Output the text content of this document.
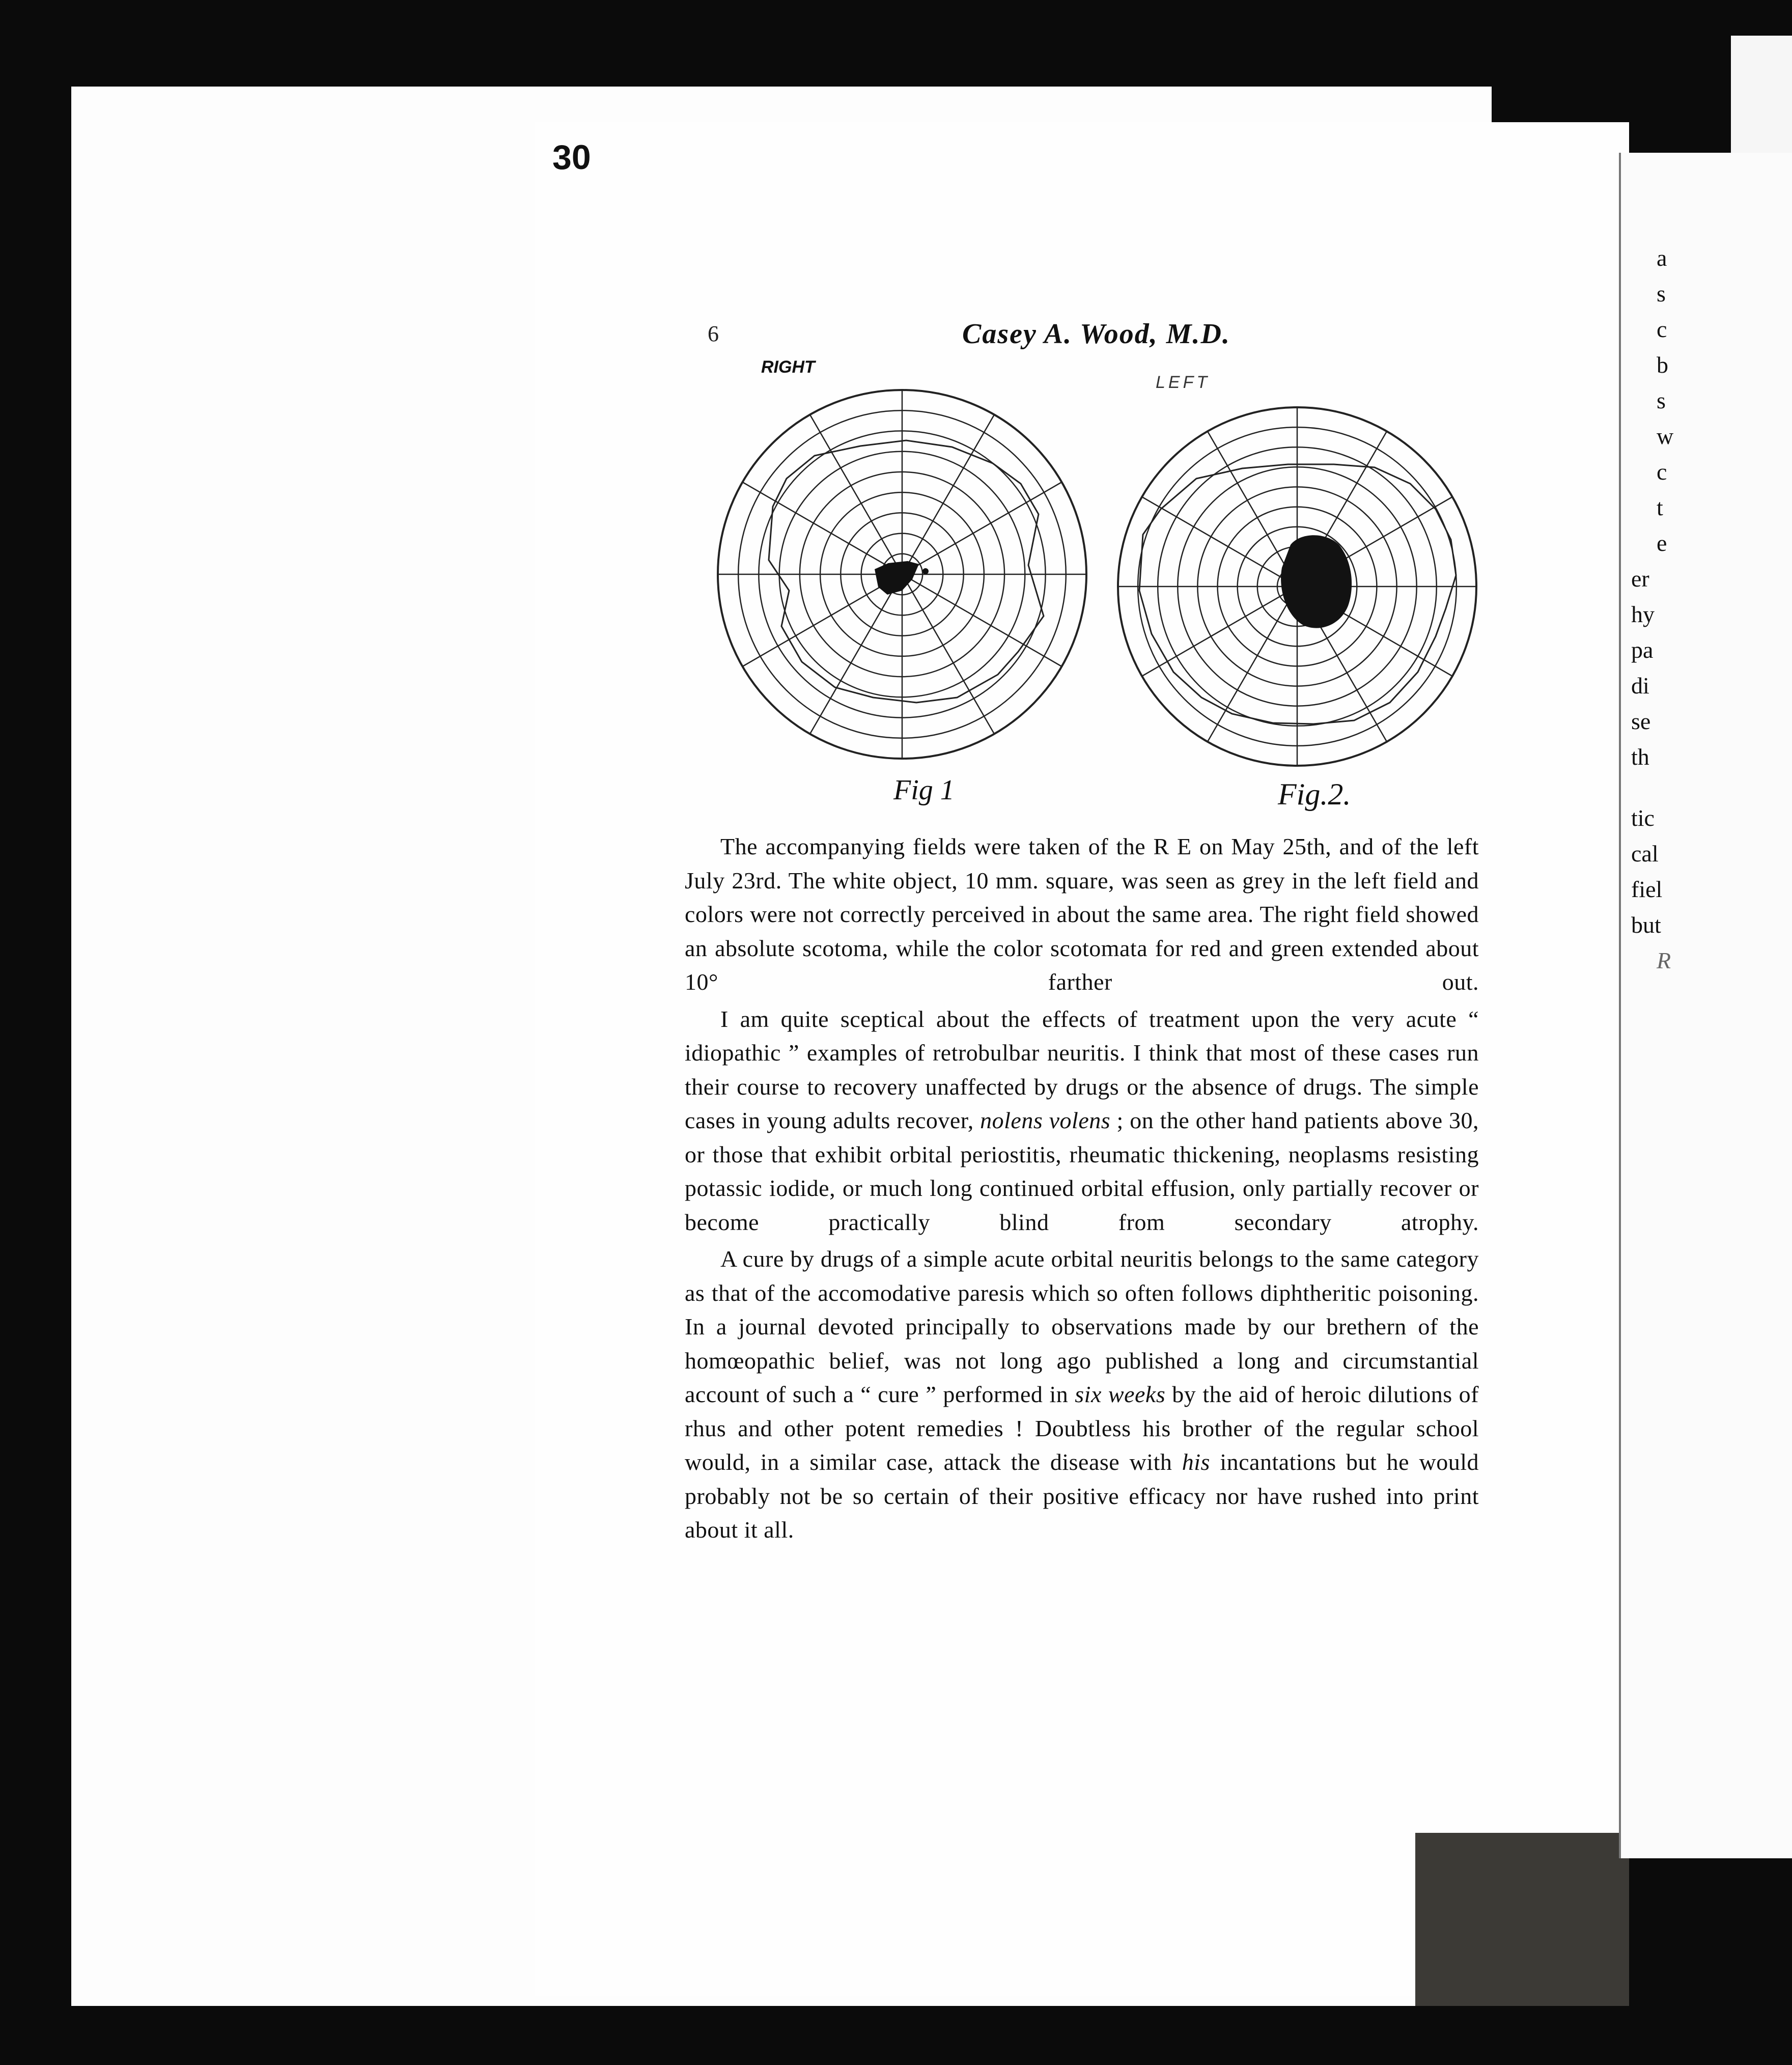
a
s
c
b
s
w
c
t
e
er
hy
pa
di
se
th
tic
cal
fiel
but
R
30
6	Casey A. Wood, M.D.
RIGHT
LEFT
Fig 1	Fig.2.

The accompanying fields were taken of the R E on May 25th, and of the left July 23rd. The white object, 10 mm. square, was seen as grey in the left field and colors were not correctly perceived in about the same area. The right field showed an absolute scotoma, while the color scotomata for red and green extended about 10° farther out.

I am quite sceptical about the effects of treatment upon the very acute “ idiopathic ” examples of retrobulbar neuritis. I think that most of these cases run their course to recovery unaffected by drugs or the absence of drugs. The simple cases in young adults recover, nolens volens ; on the other hand patients above 30, or those that exhibit orbital periostitis, rheumatic thickening, neoplasms resisting potassic iodide, or much long continued orbital effusion, only partially recover or become practically blind from secondary atrophy.

A cure by drugs of a simple acute orbital neuritis belongs to the same category as that of the accomodative paresis which so often follows diphtheritic poisoning. In a journal devoted principally to observations made by our brethern of the homœopathic belief, was not long ago published a long and circumstantial account of such a “ cure ” performed in six weeks by the aid of heroic dilutions of rhus and other potent remedies ! Doubtless his brother of the regular school would, in a similar case, attack the disease with his incantations but he would probably not be so certain of their positive efficacy nor have rushed into print about it all.
